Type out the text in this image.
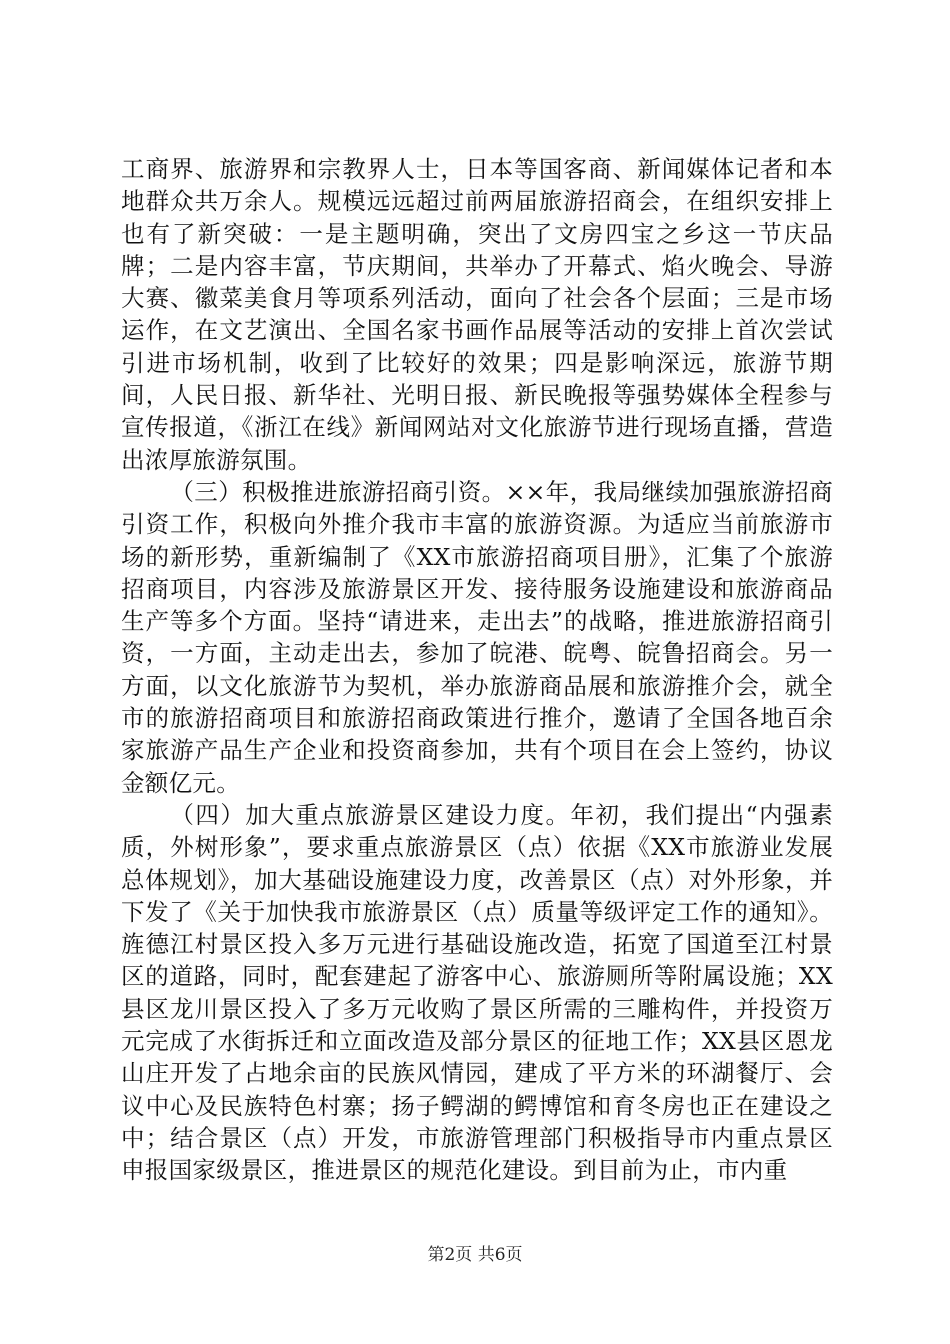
工商界、旅游界和宗教界人士，日本等国客商、新闻媒体记者和本地群众共万余人。规模远远超过前两届旅游招商会，在组织安排上也有了新突破：一是主题明确，突出了文房四宝之乡这一节庆品牌；二是内容丰富，节庆期间，共举办了开幕式、焰火晚会、导游大赛、徽菜美食月等项系列活动，面向了社会各个层面；三是市场运作，在文艺演出、全国名家书画作品展等活动的安排上首次尝试引进市场机制，收到了比较好的效果；四是影响深远，旅游节期间，人民日报、新华社、光明日报、新民晚报等强势媒体全程参与宣传报道，《浙江在线》新闻网站对文化旅游节进行现场直播，营造出浓厚旅游氛围。

（三）积极推进旅游招商引资。××年，我局继续加强旅游招商引资工作，积极向外推介我市丰富的旅游资源。为适应当前旅游市场的新形势，重新编制了《XX市旅游招商项目册》，汇集了个旅游招商项目，内容涉及旅游景区开发、接待服务设施建设和旅游商品生产等多个方面。坚持“请进来，走出去”的战略，推进旅游招商引资，一方面，主动走出去，参加了皖港、皖粤、皖鲁招商会。另一方面，以文化旅游节为契机，举办旅游商品展和旅游推介会，就全市的旅游招商项目和旅游招商政策进行推介，邀请了全国各地百余家旅游产品生产企业和投资商参加，共有个项目在会上签约，协议金额亿元。

（四）加大重点旅游景区建设力度。年初，我们提出“内强素质，外树形象”，要求重点旅游景区（点）依据《XX市旅游业发展总体规划》，加大基础设施建设力度，改善景区（点）对外形象，并下发了《关于加快我市旅游景区（点）质量等级评定工作的通知》。旌德江村景区投入多万元进行基础设施改造，拓宽了国道至江村景区的道路，同时，配套建起了游客中心、旅游厕所等附属设施；XX县区龙川景区投入了多万元收购了景区所需的三雕构件，并投资万元完成了水街拆迁和立面改造及部分景区的征地工作；XX县区恩龙山庄开发了占地余亩的民族风情园，建成了平方米的环湖餐厅、会议中心及民族特色村寨；扬子鳄湖的鳄博馆和育冬房也正在建设之中；结合景区（点）开发，市旅游管理部门积极指导市内重点景区申报国家级景区，推进景区的规范化建设。到目前为止，市内重

第2页 共6页
